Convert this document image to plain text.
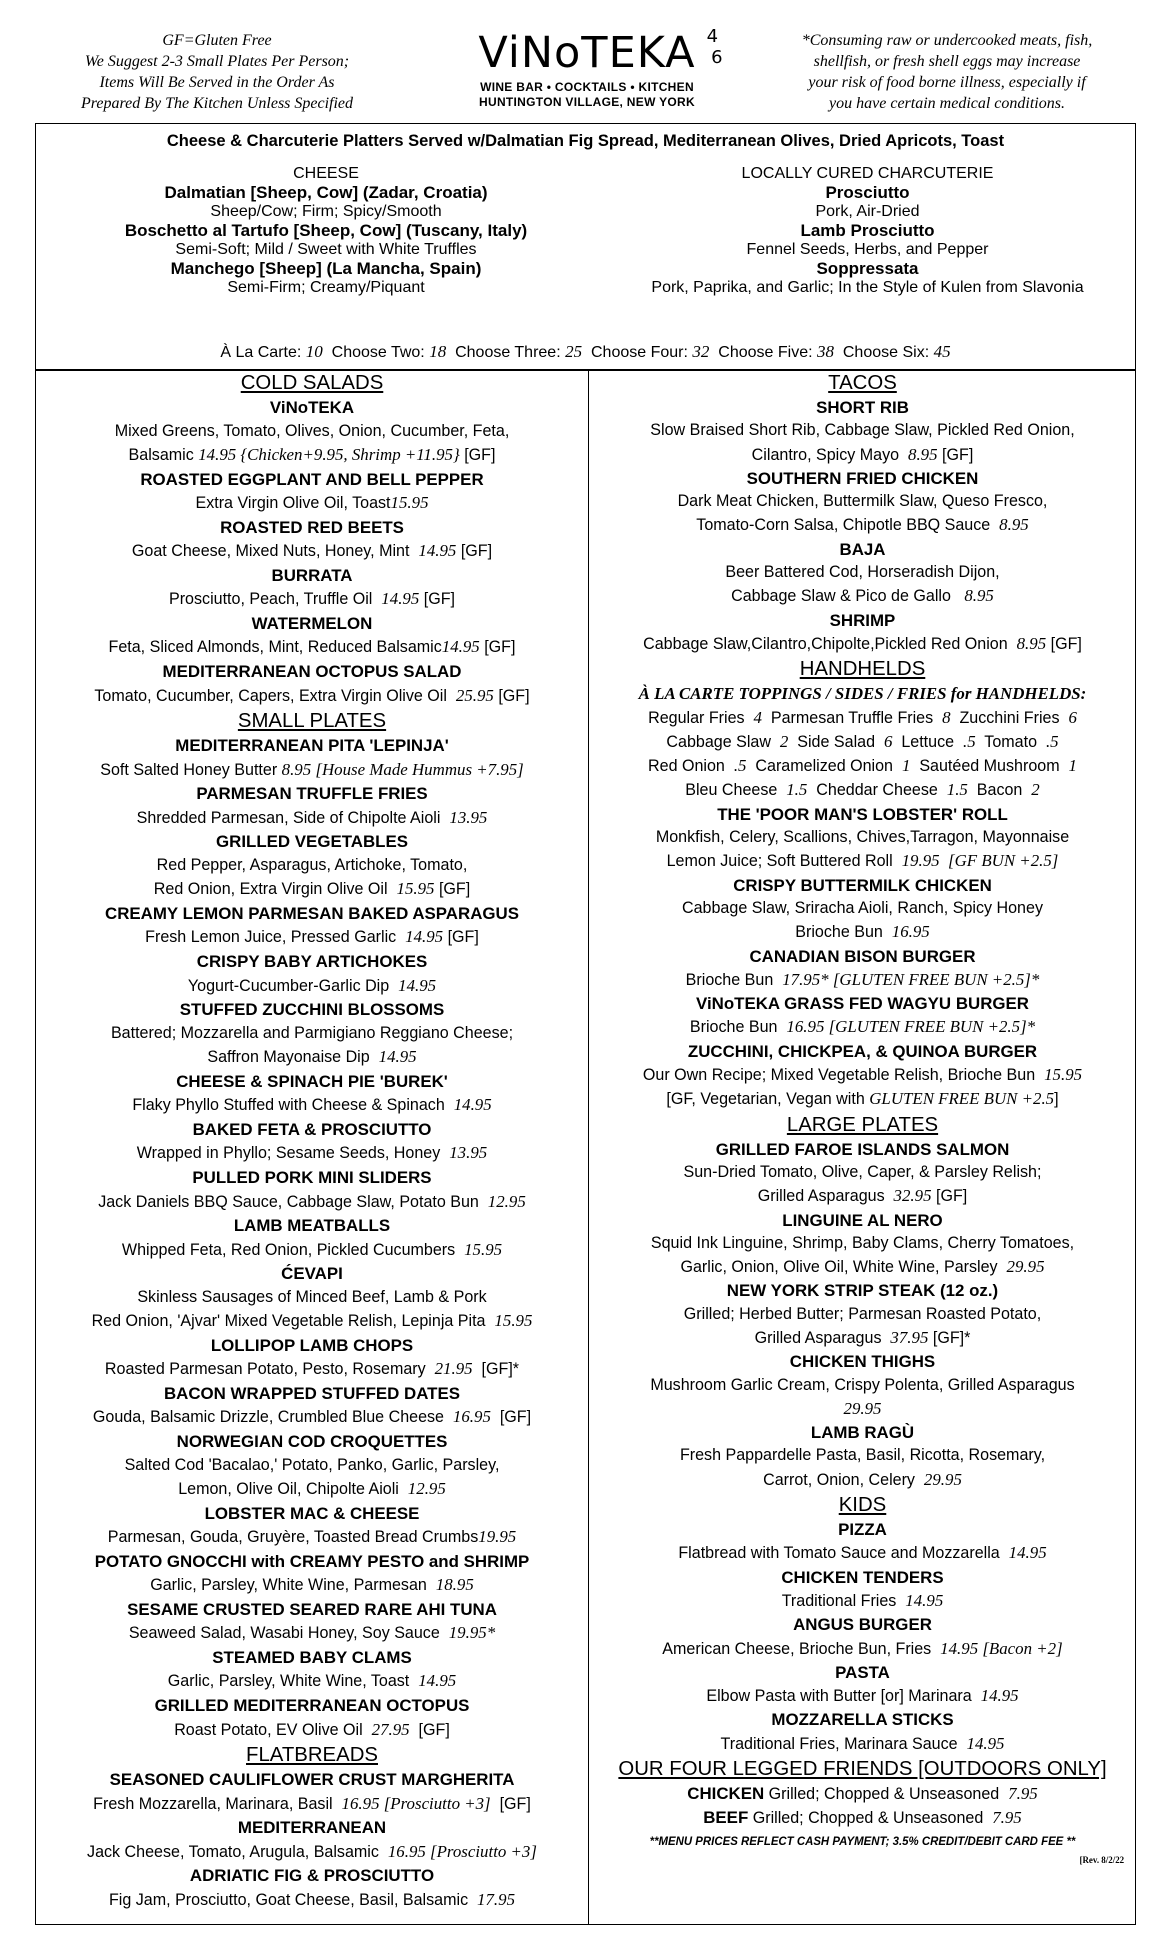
GF=Gluten Free
We Suggest 2-3 Small Plates Per Person;
Items Will Be Served in the Order As
Prepared By The Kitchen Unless Specified
ViNoTEKA 4
6
WINE BAR • COCKTAILS • KITCHEN
HUNTINGTON VILLAGE, NEW YORK
*Consuming raw or undercooked meats, fish,
shellfish, or fresh shell eggs may increase
your risk of food borne illness, especially if
you have certain medical conditions.
Cheese & Charcuterie Platters Served w/Dalmatian Fig Spread, Mediterranean Olives, Dried Apricots, Toast
CHEESE
Dalmatian [Sheep, Cow] (Zadar, Croatia)
Sheep/Cow; Firm; Spicy/Smooth
Boschetto al Tartufo [Sheep, Cow] (Tuscany, Italy)
Semi-Soft; Mild / Sweet with White Truffles
Manchego [Sheep] (La Mancha, Spain)
Semi-Firm; Creamy/Piquant
LOCALLY CURED CHARCUTERIE
Prosciutto
Pork, Air-Dried
Lamb Prosciutto
Fennel Seeds, Herbs, and Pepper
Soppressata
Pork, Paprika, and Garlic; In the Style of Kulen from Slavonia
À La Carte: 10  Choose Two: 18  Choose Three: 25  Choose Four: 32  Choose Five: 38  Choose Six: 45
COLD SALADS
ViNoTEKA
Mixed Greens, Tomato, Olives, Onion, Cucumber, Feta,
Balsamic 14.95 {Chicken+9.95, Shrimp +11.95} [GF]
ROASTED EGGPLANT AND BELL PEPPER
Extra Virgin Olive Oil, Toast15.95
ROASTED RED BEETS
Goat Cheese, Mixed Nuts, Honey, Mint  14.95 [GF]
BURRATA
Prosciutto, Peach, Truffle Oil  14.95 [GF]
WATERMELON
Feta, Sliced Almonds, Mint, Reduced Balsamic14.95 [GF]
MEDITERRANEAN OCTOPUS SALAD
Tomato, Cucumber, Capers, Extra Virgin Olive Oil  25.95 [GF]
SMALL PLATES
MEDITERRANEAN PITA 'LEPINJA'
Soft Salted Honey Butter 8.95 [House Made Hummus +7.95]
PARMESAN TRUFFLE FRIES
Shredded Parmesan, Side of Chipolte Aioli  13.95
GRILLED VEGETABLES
Red Pepper, Asparagus, Artichoke, Tomato,
Red Onion, Extra Virgin Olive Oil  15.95 [GF]
CREAMY LEMON PARMESAN BAKED ASPARAGUS
Fresh Lemon Juice, Pressed Garlic  14.95 [GF]
CRISPY BABY ARTICHOKES
Yogurt-Cucumber-Garlic Dip  14.95
STUFFED ZUCCHINI BLOSSOMS
Battered; Mozzarella and Parmigiano Reggiano Cheese;
Saffron Mayonaise Dip  14.95
CHEESE & SPINACH PIE 'BUREK'
Flaky Phyllo Stuffed with Cheese & Spinach  14.95
BAKED FETA & PROSCIUTTO
Wrapped in Phyllo; Sesame Seeds, Honey  13.95
PULLED PORK MINI SLIDERS
Jack Daniels BBQ Sauce, Cabbage Slaw, Potato Bun  12.95
LAMB MEATBALLS
Whipped Feta, Red Onion, Pickled Cucumbers  15.95
ĆEVAPI
Skinless Sausages of Minced Beef, Lamb & Pork
Red Onion, 'Ajvar' Mixed Vegetable Relish, Lepinja Pita  15.95
LOLLIPOP LAMB CHOPS
Roasted Parmesan Potato, Pesto, Rosemary  21.95  [GF]*
BACON WRAPPED STUFFED DATES
Gouda, Balsamic Drizzle, Crumbled Blue Cheese  16.95  [GF]
NORWEGIAN COD CROQUETTES
Salted Cod 'Bacalao,' Potato, Panko, Garlic, Parsley,
Lemon, Olive Oil, Chipolte Aioli  12.95
LOBSTER MAC & CHEESE
Parmesan, Gouda, Gruyère, Toasted Bread Crumbs19.95
POTATO GNOCCHI with CREAMY PESTO and SHRIMP
Garlic, Parsley, White Wine, Parmesan  18.95
SESAME CRUSTED SEARED RARE AHI TUNA
Seaweed Salad, Wasabi Honey, Soy Sauce  19.95*
STEAMED BABY CLAMS
Garlic, Parsley, White Wine, Toast  14.95
GRILLED MEDITERRANEAN OCTOPUS
Roast Potato, EV Olive Oil  27.95  [GF]
FLATBREADS
SEASONED CAULIFLOWER CRUST MARGHERITA
Fresh Mozzarella, Marinara, Basil  16.95 [Prosciutto +3]  [GF]
MEDITERRANEAN
Jack Cheese, Tomato, Arugula, Balsamic  16.95 [Prosciutto +3]
ADRIATIC FIG & PROSCIUTTO
Fig Jam, Prosciutto, Goat Cheese, Basil, Balsamic  17.95
TACOS
SHORT RIB
Slow Braised Short Rib, Cabbage Slaw, Pickled Red Onion,
Cilantro, Spicy Mayo  8.95 [GF]
SOUTHERN FRIED CHICKEN
Dark Meat Chicken, Buttermilk Slaw, Queso Fresco,
Tomato-Corn Salsa, Chipotle BBQ Sauce  8.95
BAJA
Beer Battered Cod, Horseradish Dijon,
Cabbage Slaw & Pico de Gallo   8.95
SHRIMP
Cabbage Slaw,Cilantro,Chipolte,Pickled Red Onion  8.95 [GF]
HANDHELDS
À LA CARTE TOPPINGS / SIDES / FRIES for HANDHELDS:
Regular Fries  4  Parmesan Truffle Fries  8  Zucchini Fries  6
Cabbage Slaw  2  Side Salad  6  Lettuce  .5  Tomato  .5
Red Onion  .5  Caramelized Onion  1  Sautéed Mushroom  1
Bleu Cheese  1.5  Cheddar Cheese  1.5  Bacon  2
THE 'POOR MAN'S LOBSTER' ROLL
Monkfish, Celery, Scallions, Chives,Tarragon, Mayonnaise
Lemon Juice; Soft Buttered Roll  19.95  [GF BUN +2.5]
CRISPY BUTTERMILK CHICKEN
Cabbage Slaw, Sriracha Aioli, Ranch, Spicy Honey
Brioche Bun  16.95
CANADIAN BISON BURGER
Brioche Bun  17.95* [GLUTEN FREE BUN +2.5]*
ViNoTEKA GRASS FED WAGYU BURGER
Brioche Bun  16.95 [GLUTEN FREE BUN +2.5]*
ZUCCHINI, CHICKPEA, & QUINOA BURGER
Our Own Recipe; Mixed Vegetable Relish, Brioche Bun  15.95
[GF, Vegetarian, Vegan with GLUTEN FREE BUN +2.5]
LARGE PLATES
GRILLED FAROE ISLANDS SALMON
Sun-Dried Tomato, Olive, Caper, & Parsley Relish;
Grilled Asparagus  32.95 [GF]
LINGUINE AL NERO
Squid Ink Linguine, Shrimp, Baby Clams, Cherry Tomatoes,
Garlic, Onion, Olive Oil, White Wine, Parsley  29.95
NEW YORK STRIP STEAK (12 oz.)
Grilled; Herbed Butter; Parmesan Roasted Potato,
Grilled Asparagus  37.95 [GF]*
CHICKEN THIGHS
Mushroom Garlic Cream, Crispy Polenta, Grilled Asparagus
29.95
LAMB RAGÙ
Fresh Pappardelle Pasta, Basil, Ricotta, Rosemary,
Carrot, Onion, Celery  29.95
KIDS
PIZZA
Flatbread with Tomato Sauce and Mozzarella  14.95
CHICKEN TENDERS
Traditional Fries  14.95
ANGUS BURGER
American Cheese, Brioche Bun, Fries  14.95 [Bacon +2]
PASTA
Elbow Pasta with Butter [or] Marinara  14.95
MOZZARELLA STICKS
Traditional Fries, Marinara Sauce  14.95
OUR FOUR LEGGED FRIENDS [OUTDOORS ONLY]
CHICKEN Grilled; Chopped & Unseasoned  7.95
BEEF Grilled; Chopped & Unseasoned  7.95
**MENU PRICES REFLECT CASH PAYMENT; 3.5% CREDIT/DEBIT CARD FEE **
[Rev. 8/2/22
